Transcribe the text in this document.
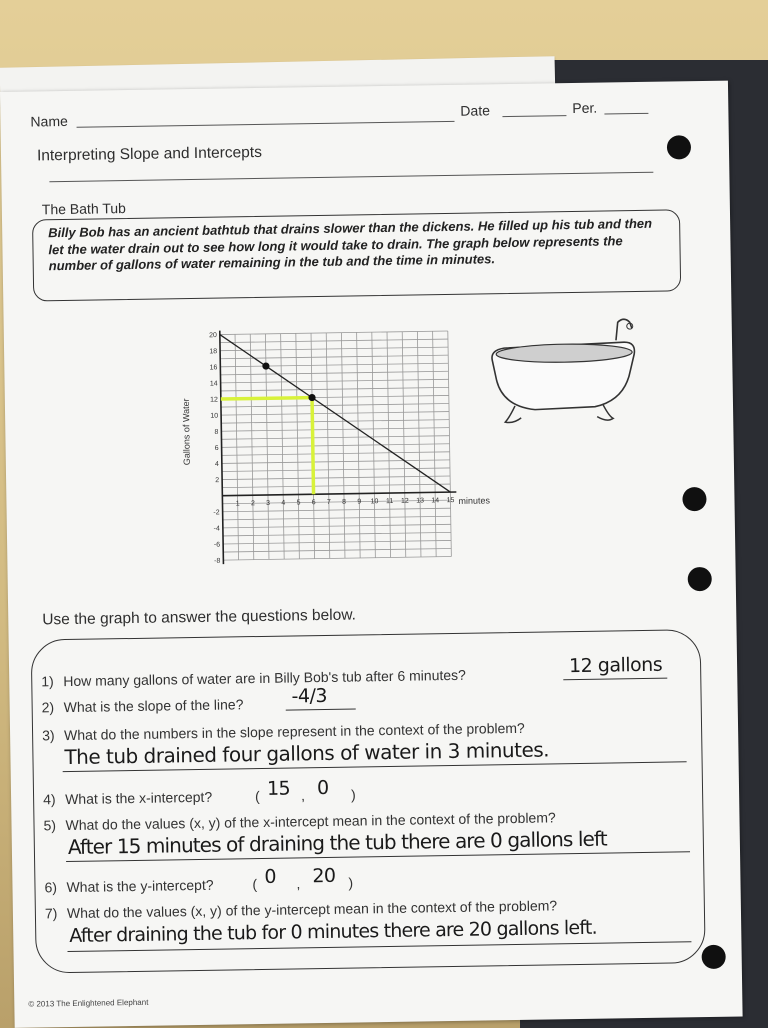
Name
Date	Per.
Interpreting Slope and Intercepts
The Bath Tub
Billy Bob has an ancient bathtub that drains slower than the dickens. He filled up his tub and then let the water drain out to see how long it would take to drain. The graph below represents the number of gallons of water remaining in the tub and the time in minutes.
1 2 3 4 5 6 7 8 9 10 11 12 13 14 15
20
18
16
14
12
10
8
6
4
2
-2
-4
-6
-8
minutes
Gallons of Water
Use the graph to answer the questions below.
1) How many gallons of water are in Billy Bob's tub after 6 minutes?
12 gallons
2) What is the slope of the line?	-4/3
3) What do the numbers in the slope represent in the context of the problem?
The tub drained four gallons of water in 3 minutes.
4) What is the x-intercept?	( 15 , 0 )
5) What do the values (x, y) of the x-intercept mean in the context of the problem?
After 15 minutes of draining the tub there are 0 gallons left
6) What is the y-intercept?	( 0 , 20 )
7) What do the values (x, y) of the y-intercept mean in the context of the problem?
After draining the tub for 0 minutes there are 20 gallons left.
© 2013 The Enlightened Elephant
